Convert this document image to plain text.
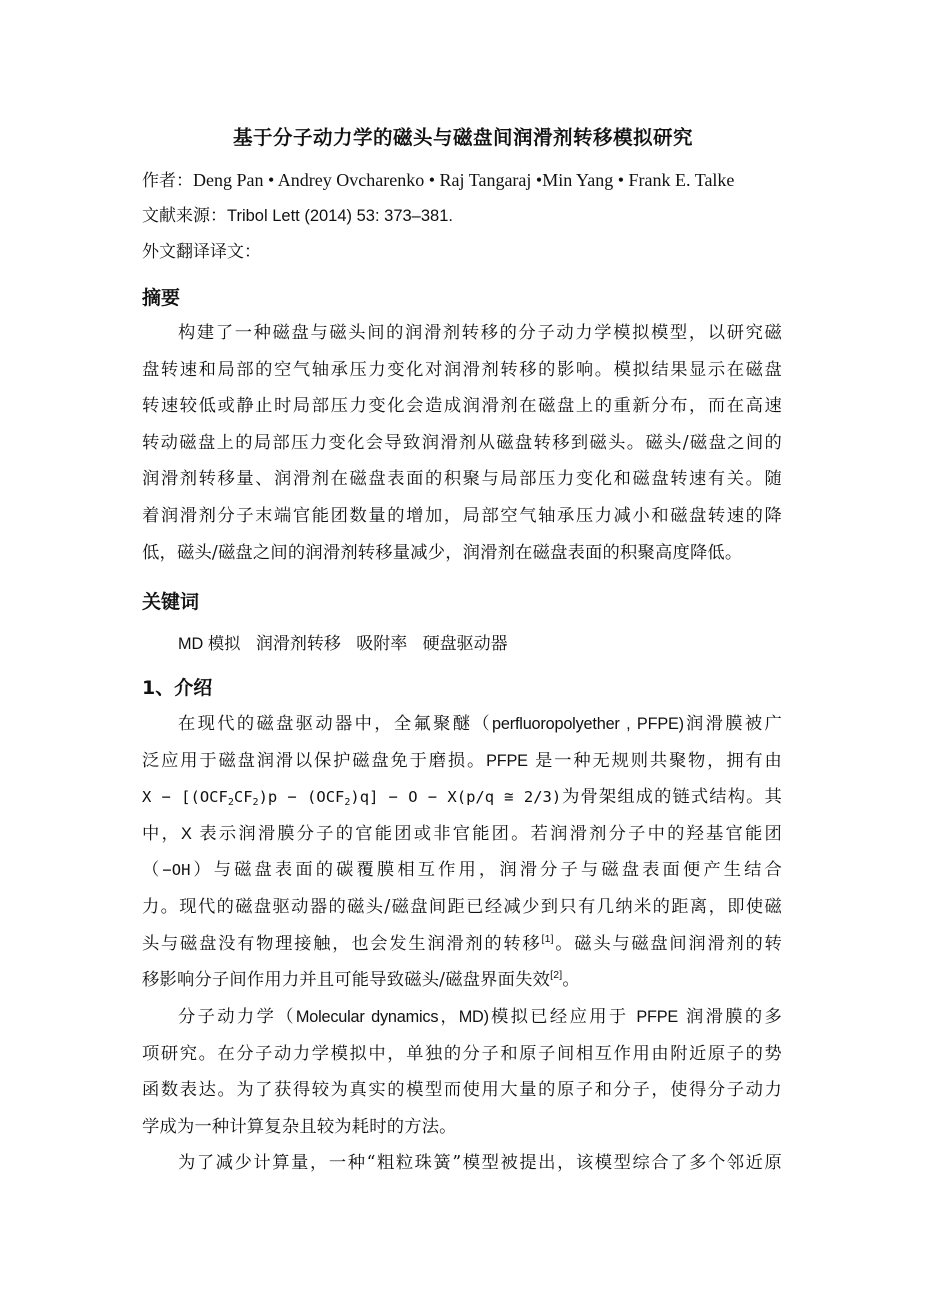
基于分子动力学的磁头与磁盘间润滑剂转移模拟研究
作者：Deng Pan • Andrey Ovcharenko • Raj Tangaraj •Min Yang • Frank E. Talke
文献来源：Tribol Lett (2014) 53: 373–381.
外文翻译译文：
摘要
构建了一种磁盘与磁头间的润滑剂转移的分子动力学模拟模型，以研究磁
盘转速和局部的空气轴承压力变化对润滑剂转移的影响。模拟结果显示在磁盘
转速较低或静止时局部压力变化会造成润滑剂在磁盘上的重新分布，而在高速
转动磁盘上的局部压力变化会导致润滑剂从磁盘转移到磁头。磁头/磁盘之间的
润滑剂转移量、润滑剂在磁盘表面的积聚与局部压力变化和磁盘转速有关。随
着润滑剂分子末端官能团数量的增加，局部空气轴承压力减小和磁盘转速的降
低，磁头/磁盘之间的润滑剂转移量减少，润滑剂在磁盘表面的积聚高度降低。
关键词
MD 模拟 润滑剂转移 吸附率 硬盘驱动器
1、介绍
在现代的磁盘驱动器中，全氟聚醚（perfluoropolyether , PFPE)润滑膜被广
泛应用于磁盘润滑以保护磁盘免于磨损。PFPE 是一种无规则共聚物，拥有由
$X - [(OCF_2CF_2)p - (OCF_2)q] - O - X(p/q$ ≅ 2/3)为骨架组成的链式结构。其
中，X 表示润滑膜分子的官能团或非官能团。若润滑剂分子中的羟基官能团
（−OH）与磁盘表面的碳覆膜相互作用，润滑分子与磁盘表面便产生结合
力。现代的磁盘驱动器的磁头/磁盘间距已经减少到只有几纳米的距离，即使磁
头与磁盘没有物理接触，也会发生润滑剂的转移[1]。磁头与磁盘间润滑剂的转
移影响分子间作用力并且可能导致磁头/磁盘界面失效[2]。
分子动力学（Molecular dynamics，MD)模拟已经应用于 PFPE 润滑膜的多
项研究。在分子动力学模拟中，单独的分子和原子间相互作用由附近原子的势
函数表达。为了获得较为真实的模型而使用大量的原子和分子，使得分子动力
学成为一种计算复杂且较为耗时的方法。
为了减少计算量，一种“粗粒珠簧”模型被提出，该模型综合了多个邻近原
